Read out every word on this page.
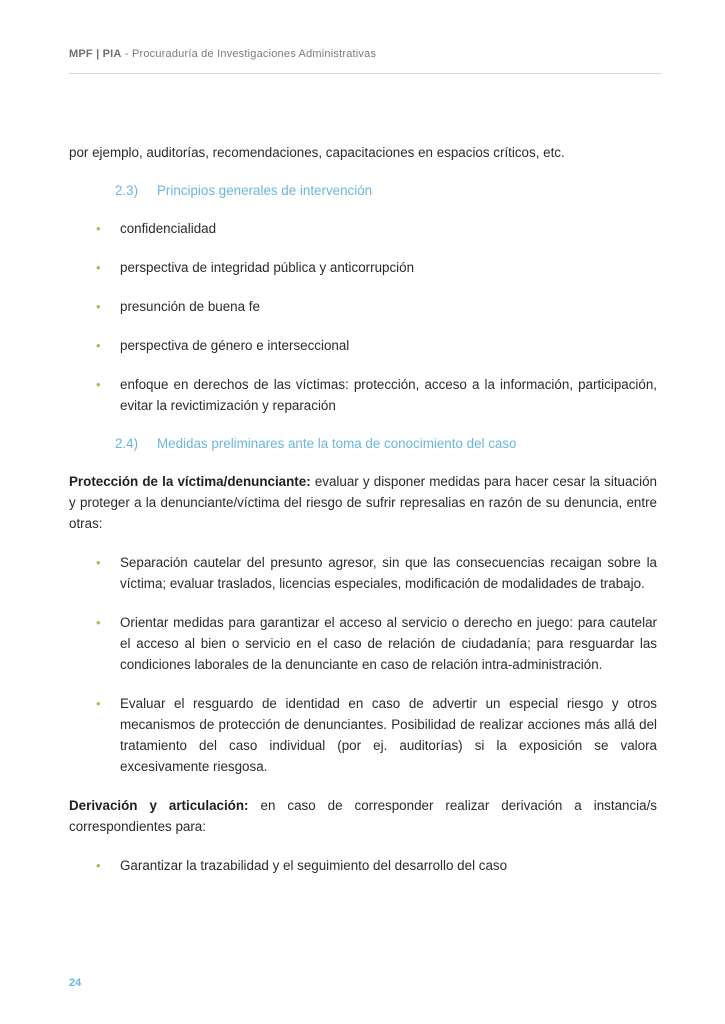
MPF | PIA - Procuraduría de Investigaciones Administrativas

por ejemplo, auditorías, recomendaciones, capacitaciones en espacios críticos, etc.

2.3)	Principios generales de intervención
• confidencialidad
• perspectiva de integridad pública y anticorrupción
• presunción de buena fe
• perspectiva de género e interseccional
• enfoque en derechos de las víctimas: protección, acceso a la información, participación, evitar la revictimización y reparación
2.4)	Medidas preliminares ante la toma de conocimiento del caso

Protección de la víctima/denunciante: evaluar y disponer medidas para hacer cesar la situación y proteger a la denunciante/víctima del riesgo de sufrir represalias en razón de su denuncia, entre otras:

• Separación cautelar del presunto agresor, sin que las consecuencias recaigan sobre la víctima; evaluar traslados, licencias especiales, modificación de modalidades de trabajo.
• Orientar medidas para garantizar el acceso al servicio o derecho en juego: para cautelar el acceso al bien o servicio en el caso de relación de ciudadanía; para resguardar las condiciones laborales de la denunciante en caso de relación intra-administración.
• Evaluar el resguardo de identidad en caso de advertir un especial riesgo y otros mecanismos de protección de denunciantes. Posibilidad de realizar acciones más allá del tratamiento del caso individual (por ej. auditorías) si la exposición se valora excesivamente riesgosa.

Derivación y articulación: en caso de corresponder realizar derivación a instancia/s correspondientes para:

• Garantizar la trazabilidad y el seguimiento del desarrollo del caso
24
